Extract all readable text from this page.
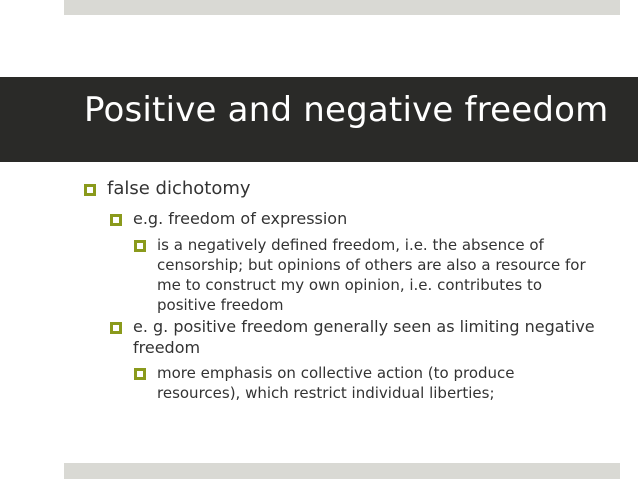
Positive and negative freedom
false dichotomy
e.g. freedom of expression
is a negatively defined freedom, i.e. the absence of
censorship; but opinions of others are also a resource for
me to construct my own opinion, i.e. contributes to
positive freedom
e. g. positive freedom generally seen as limiting negative
freedom
more emphasis on collective action (to produce
resources), which restrict individual liberties;
